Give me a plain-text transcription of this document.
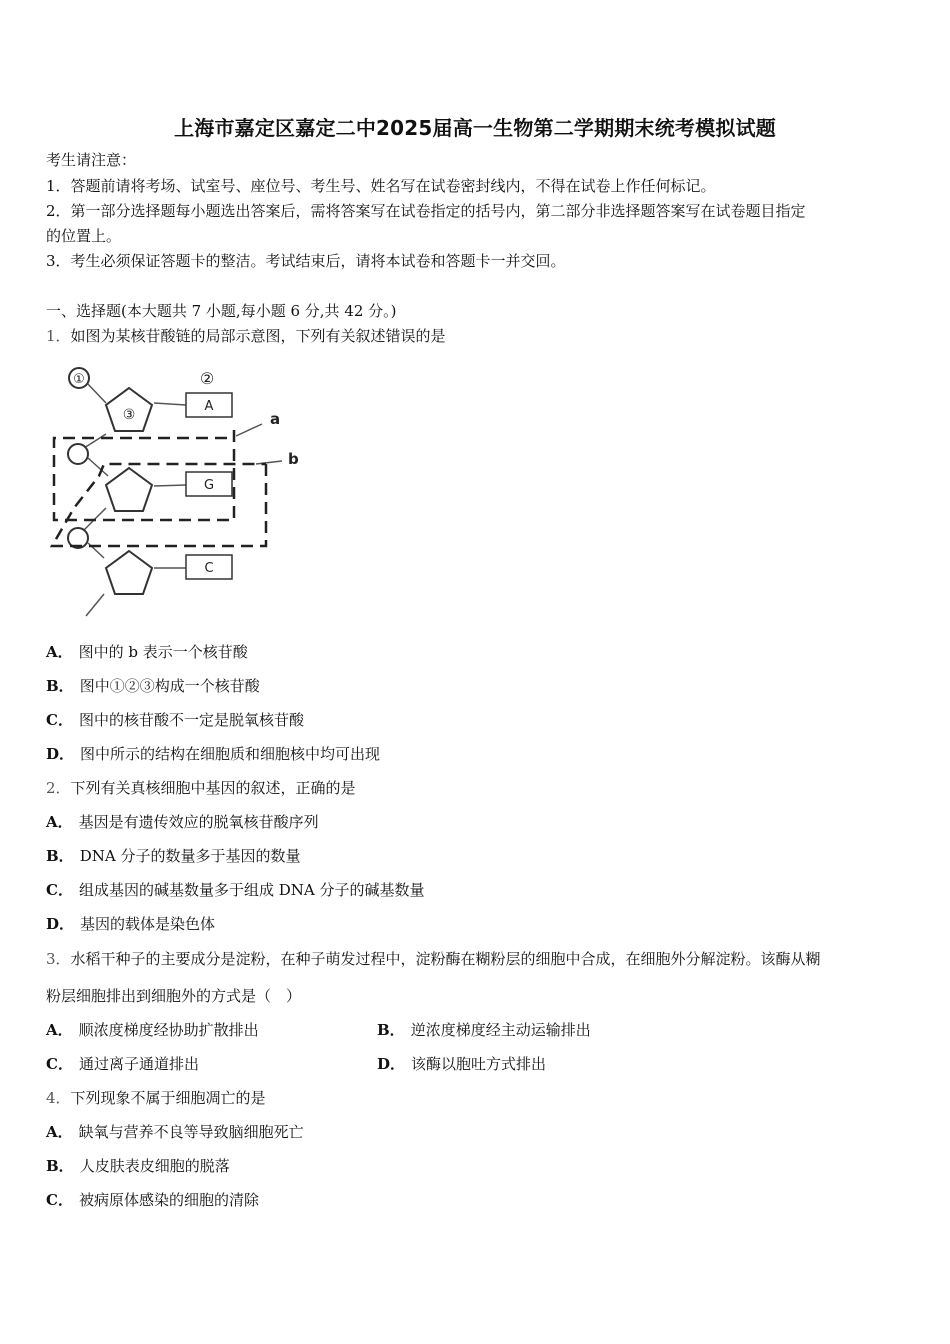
上海市嘉定区嘉定二中2025届高一生物第二学期期末统考模拟试题
考生请注意：
1．答题前请将考场、试室号、座位号、考生号、姓名写在试卷密封线内，不得在试卷上作任何标记。
2．第一部分选择题每小题选出答案后，需将答案写在试卷指定的括号内，第二部分非选择题答案写在试卷题目指定
的位置上。
3．考生必须保证答题卡的整洁。考试结束后，请将本试卷和答题卡一并交回。
一、选择题(本大题共 7 小题,每小题 6 分,共 42 分。)
1．如图为某核苷酸链的局部示意图，下列有关叙述错误的是
①	②
③
A
G
C
a
b
A． 图中的 b 表示一个核苷酸
B． 图中①②③构成一个核苷酸
C． 图中的核苷酸不一定是脱氧核苷酸
D． 图中所示的结构在细胞质和细胞核中均可出现
2．下列有关真核细胞中基因的叙述，正确的是
A． 基因是有遗传效应的脱氧核苷酸序列
B． DNA 分子的数量多于基因的数量
C． 组成基因的碱基数量多于组成 DNA 分子的碱基数量
D． 基因的载体是染色体
3．水稻干种子的主要成分是淀粉，在种子萌发过程中，淀粉酶在糊粉层的细胞中合成，在细胞外分解淀粉。该酶从糊
粉层细胞排出到细胞外的方式是（　）
A． 顺浓度梯度经协助扩散排出	B． 逆浓度梯度经主动运输排出
C． 通过离子通道排出	D． 该酶以胞吐方式排出
4．下列现象不属于细胞凋亡的是
A． 缺氧与营养不良等导致脑细胞死亡
B． 人皮肤表皮细胞的脱落
C． 被病原体感染的细胞的清除
